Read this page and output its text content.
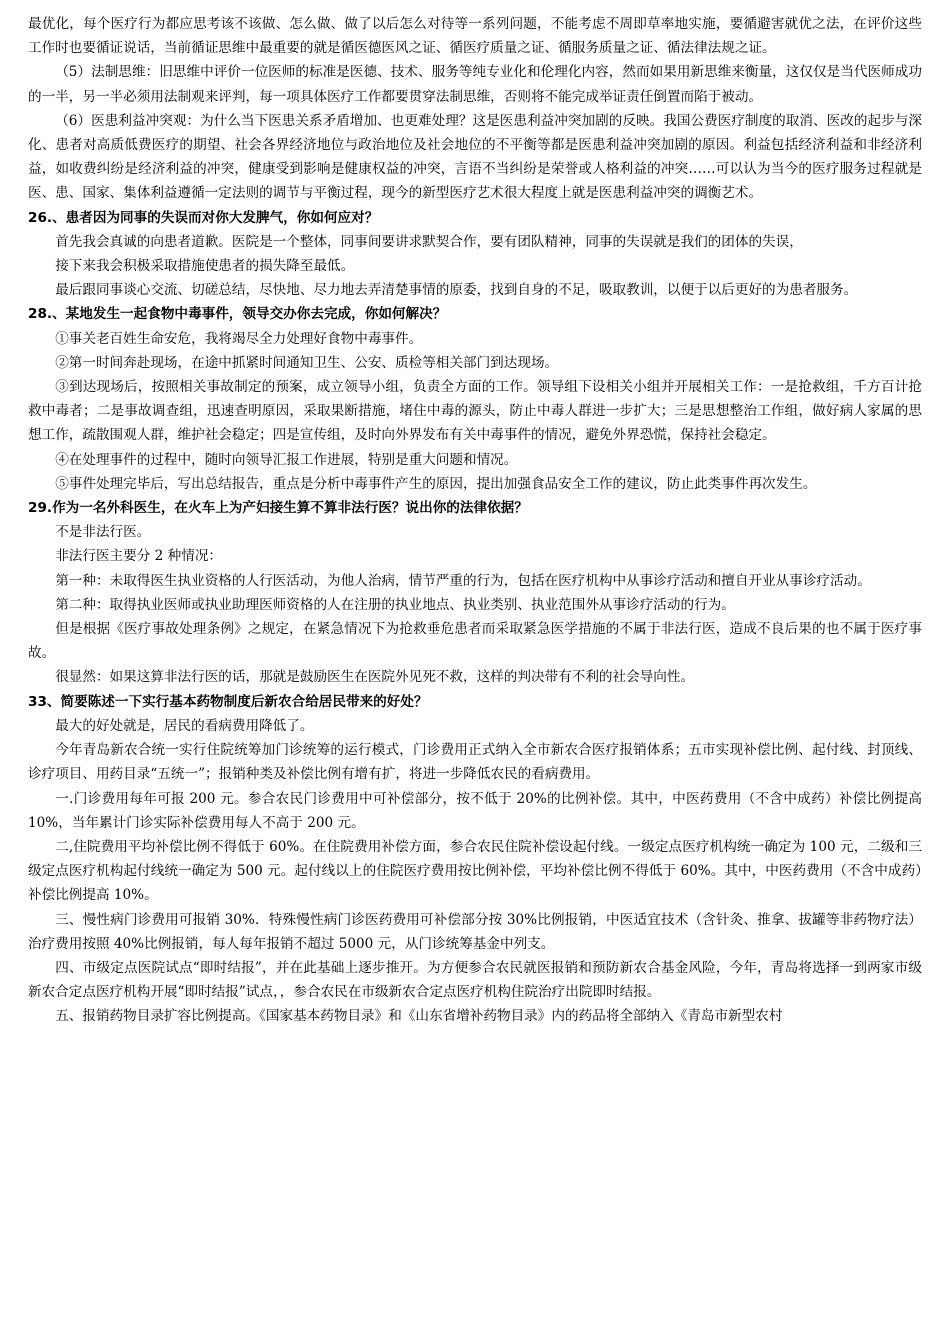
最优化，每个医疗行为都应思考该不该做、怎么做、做了以后怎么对待等一系列问题，不能考虑不周即草率地实施，要循避害就优之法，在评价这些工作时也要循证说话，当前循证思维中最重要的就是循医德医风之证、循医疗质量之证、循服务质量之证、循法律法规之证。

（5）法制思维：旧思维中评价一位医师的标准是医德、技术、服务等纯专业化和伦理化内容，然而如果用新思维来衡量，这仅仅是当代医师成功的一半，另一半必须用法制观来评判，每一项具体医疗工作都要贯穿法制思维，否则将不能完成举证责任倒置而陷于被动。

（6）医患利益冲突观：为什么当下医患关系矛盾增加、也更难处理？这是医患利益冲突加剧的反映。我国公费医疗制度的取消、医改的起步与深化、患者对高质低费医疗的期望、社会各界经济地位与政治地位及社会地位的不平衡等都是医患利益冲突加剧的原因。利益包括经济利益和非经济利益，如收费纠纷是经济利益的冲突，健康受到影响是健康权益的冲突，言语不当纠纷是荣誉或人格利益的冲突……可以认为当今的医疗服务过程就是医、患、国家、集体利益遵循一定法则的调节与平衡过程，现今的新型医疗艺术很大程度上就是医患利益冲突的调衡艺术。

26.、患者因为同事的失误而对你大发脾气，你如何应对？

首先我会真诚的向患者道歉。医院是一个整体，同事间要讲求默契合作，要有团队精神，同事的失误就是我们的团体的失误，

接下来我会积极采取措施使患者的损失降至最低。

最后跟同事谈心交流、切磋总结，尽快地、尽力地去弄清楚事情的原委，找到自身的不足，吸取教训，以便于以后更好的为患者服务。

28.、某地发生一起食物中毒事件，领导交办你去完成，你如何解决？

①事关老百姓生命安危，我将竭尽全力处理好食物中毒事件。

②第一时间奔赴现场，在途中抓紧时间通知卫生、公安、质检等相关部门到达现场。

③到达现场后，按照相关事故制定的预案，成立领导小组，负责全方面的工作。领导组下设相关小组并开展相关工作：一是抢救组，千方百计抢救中毒者；二是事故调查组，迅速查明原因，采取果断措施，堵住中毒的源头，防止中毒人群进一步扩大；三是思想整治工作组，做好病人家属的思想工作，疏散围观人群，维护社会稳定；四是宣传组，及时向外界发布有关中毒事件的情况，避免外界恐慌，保持社会稳定。

④在处理事件的过程中，随时向领导汇报工作进展，特别是重大问题和情况。

⑤事件处理完毕后，写出总结报告，重点是分析中毒事件产生的原因，提出加强食品安全工作的建议，防止此类事件再次发生。

29.作为一名外科医生，在火车上为产妇接生算不算非法行医？说出你的法律依据？

不是非法行医。

非法行医主要分 2 种情况：

第一种：未取得医生执业资格的人行医活动，为他人治病，情节严重的行为，包括在医疗机构中从事诊疗活动和擅自开业从事诊疗活动。

第二种：取得执业医师或执业助理医师资格的人在注册的执业地点、执业类别、执业范围外从事诊疗活动的行为。

但是根据《医疗事故处理条例》之规定，在紧急情况下为抢救垂危患者而采取紧急医学措施的不属于非法行医，造成不良后果的也不属于医疗事故。

很显然：如果这算非法行医的话，那就是鼓励医生在医院外见死不救，这样的判决带有不利的社会导向性。

33、简要陈述一下实行基本药物制度后新农合给居民带来的好处？

最大的好处就是，居民的看病费用降低了。

今年青岛新农合统一实行住院统筹加门诊统筹的运行模式，门诊费用正式纳入全市新农合医疗报销体系；五市实现补偿比例、起付线、封顶线、诊疗项目、用药目录“五统一”；报销种类及补偿比例有增有扩，将进一步降低农民的看病费用。

一.门诊费用每年可报 200 元。参合农民门诊费用中可补偿部分，按不低于 20%的比例补偿。其中，中医药费用（不含中成药）补偿比例提高 10%，当年累计门诊实际补偿费用每人不高于 200 元。

二,住院费用平均补偿比例不得低于 60%。在住院费用补偿方面，参合农民住院补偿设起付线。一级定点医疗机构统一确定为 100 元，二级和三级定点医疗机构起付线统一确定为 500 元。起付线以上的住院医疗费用按比例补偿，平均补偿比例不得低于 60%。其中，中医药费用（不含中成药）补偿比例提高 10%。

三、慢性病门诊费用可报销 30%．特殊慢性病门诊医药费用可补偿部分按 30%比例报销，中医适宜技术（含针灸、推拿、拔罐等非药物疗法）治疗费用按照 40%比例报销，每人每年报销不超过 5000 元，从门诊统筹基金中列支。

四、市级定点医院试点“即时结报”，并在此基础上逐步推开。为方便参合农民就医报销和预防新农合基金风险，今年，青岛将选择一到两家市级新农合定点医疗机构开展“即时结报”试点，，参合农民在市级新农合定点医疗机构住院治疗出院即时结报。

五、报销药物目录扩容比例提高。《国家基本药物目录》和《山东省增补药物目录》内的药品将全部纳入《青岛市新型农村
